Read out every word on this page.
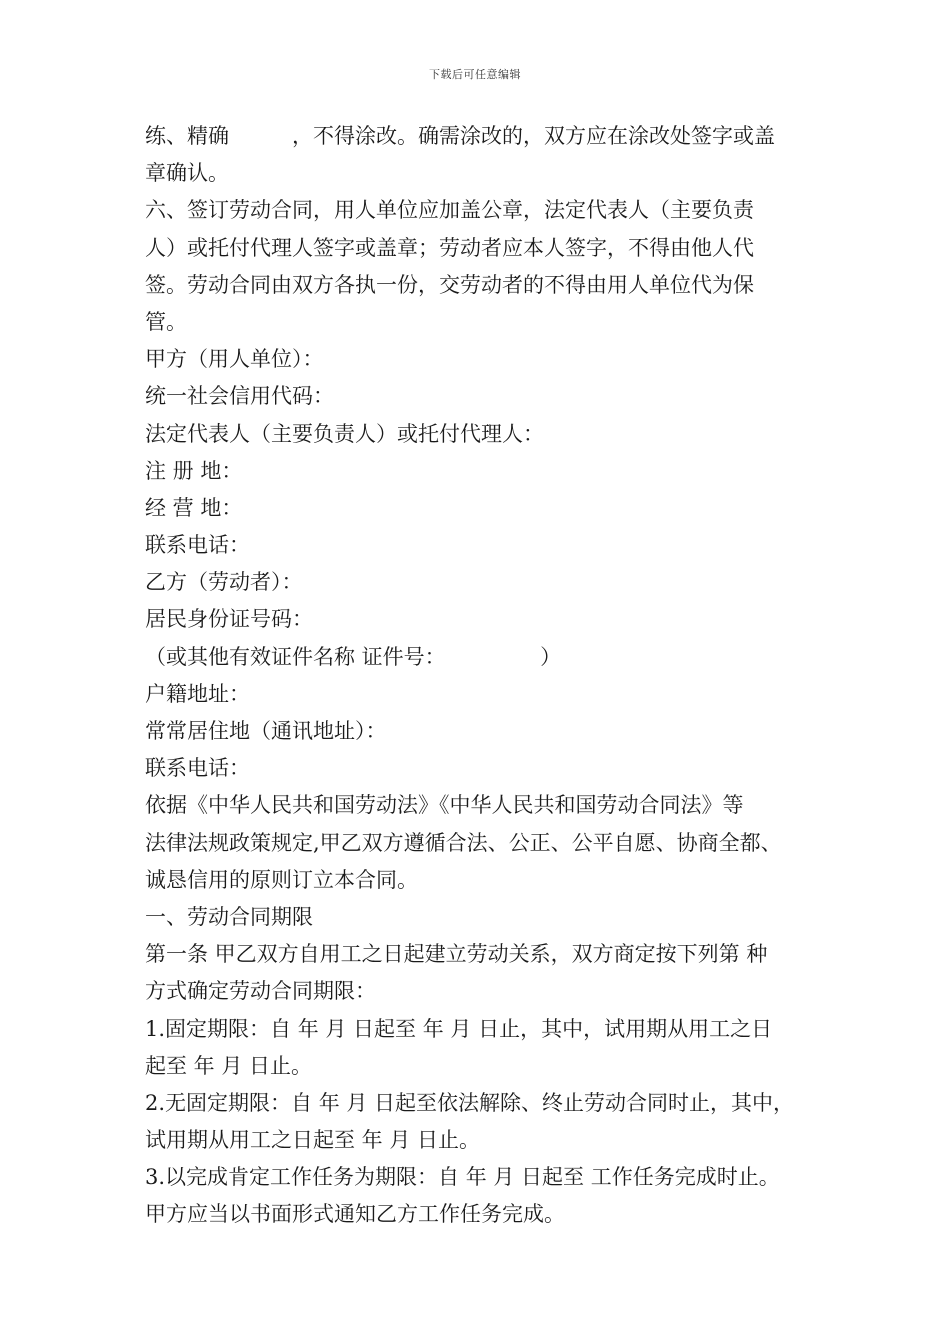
下载后可任意编辑
练、精确　　　，不得涂改。确需涂改的，双方应在涂改处签字或盖
章确认。
六、签订劳动合同，用人单位应加盖公章，法定代表人（主要负责
人）或托付代理人签字或盖章；劳动者应本人签字，不得由他人代
签。劳动合同由双方各执一份，交劳动者的不得由用人单位代为保
管。
甲方（用人单位）：
统一社会信用代码：
法定代表人（主要负责人）或托付代理人：
注 册 地：
经 营 地：
联系电话：
乙方（劳动者）：
居民身份证号码：
（或其他有效证件名称 证件号：　　　　　）
户籍地址：
常常居住地（通讯地址）：
联系电话：
依据《中华人民共和国劳动法》《中华人民共和国劳动合同法》等
法律法规政策规定,甲乙双方遵循合法、公正、公平自愿、协商全都、
诚恳信用的原则订立本合同。
一、劳动合同期限
第一条 甲乙双方自用工之日起建立劳动关系，双方商定按下列第 种
方式确定劳动合同期限：
1.固定期限：自 年 月 日起至 年 月 日止，其中，试用期从用工之日
起至 年 月 日止。
2.无固定期限：自 年 月 日起至依法解除、终止劳动合同时止，其中，
试用期从用工之日起至 年 月 日止。
3.以完成肯定工作任务为期限：自 年 月 日起至 工作任务完成时止。
甲方应当以书面形式通知乙方工作任务完成。
